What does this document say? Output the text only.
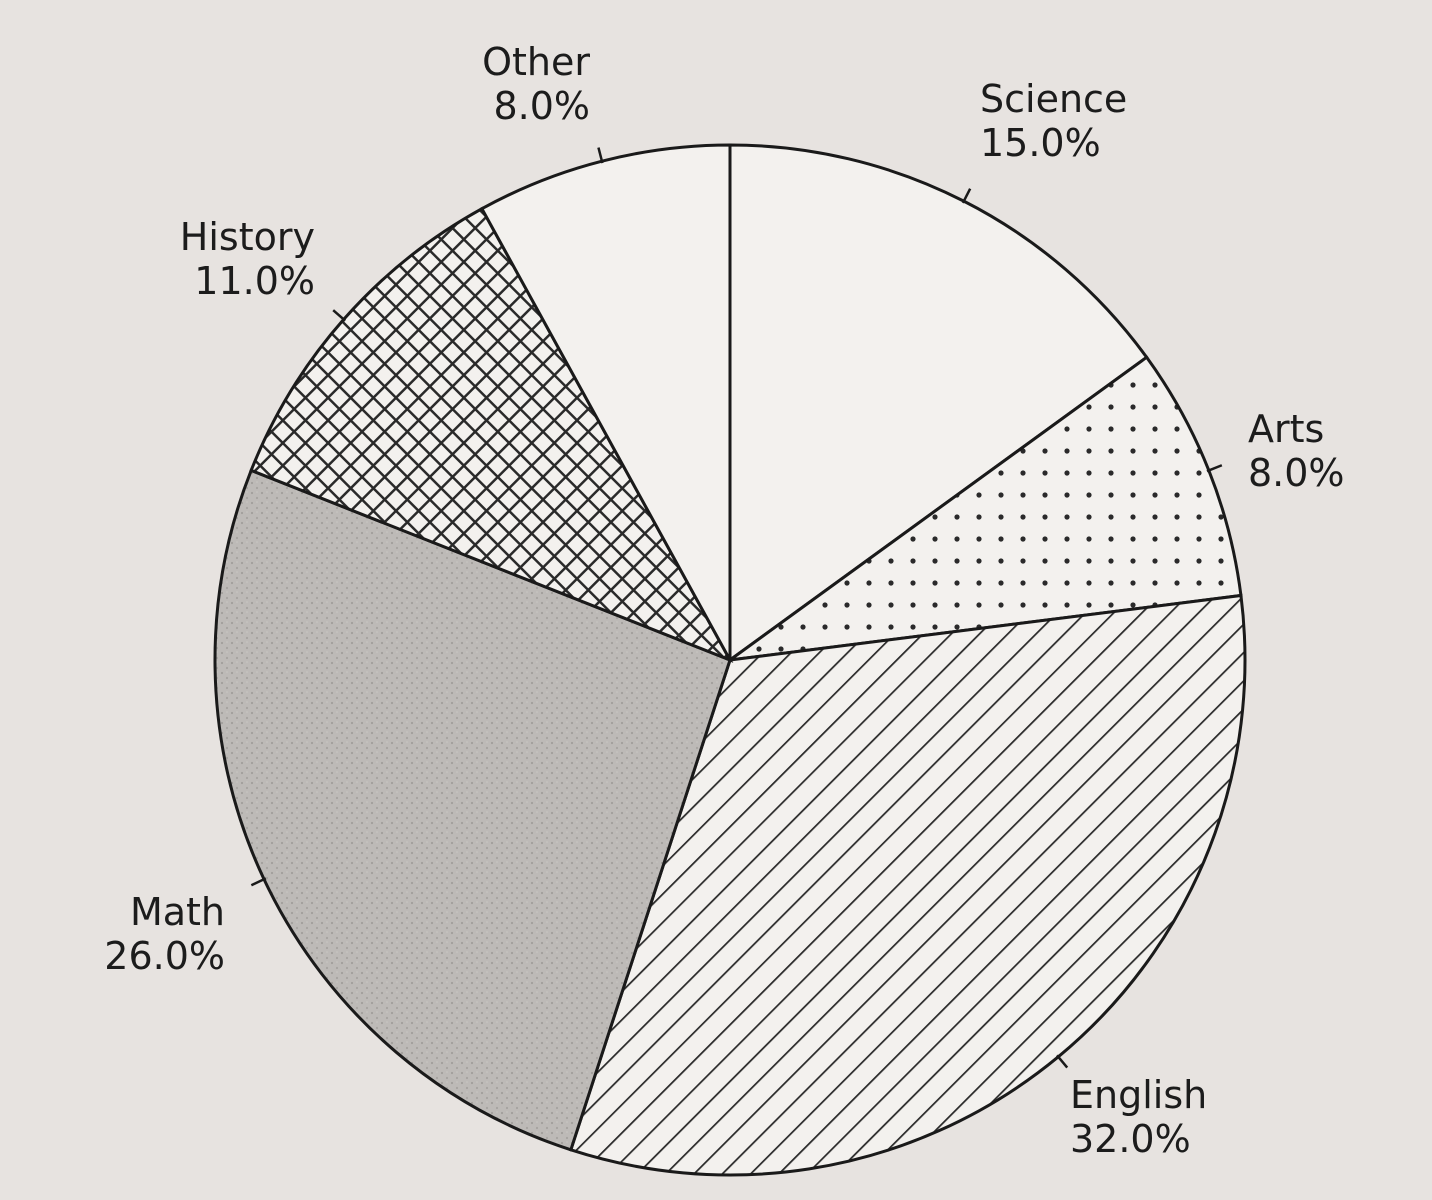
Science
15.0%
Arts
8.0%
English
32.0%
Math
26.0%
History
11.0%
Other
8.0%
